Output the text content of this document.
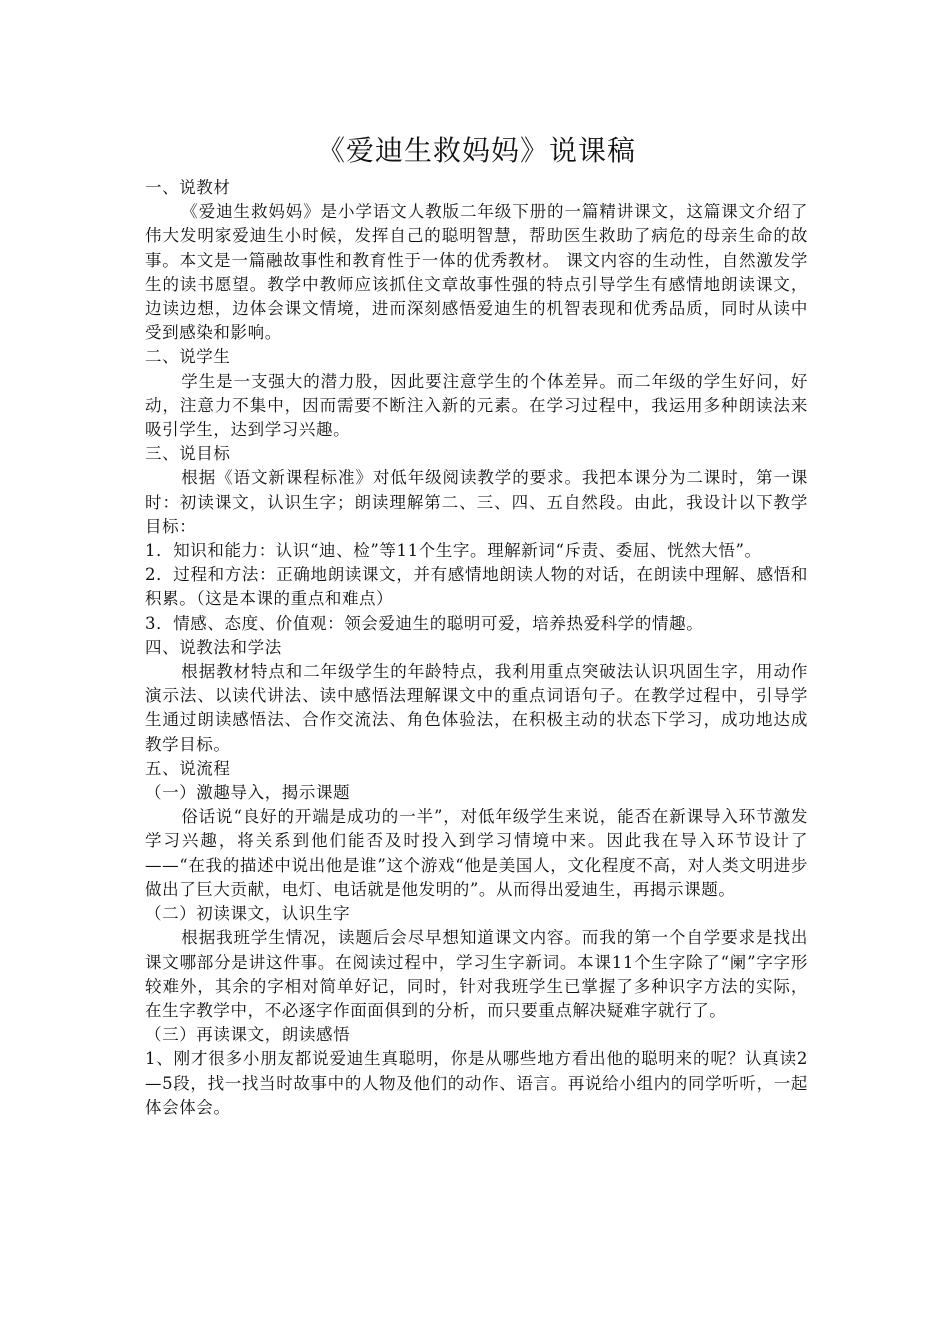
《爱迪生救妈妈》说课稿

一、说教材

《爱迪生救妈妈》是小学语文人教版二年级下册的一篇精讲课文，这篇课文介绍了伟大发明家爱迪生小时候，发挥自己的聪明智慧，帮助医生救助了病危的母亲生命的故事。本文是一篇融故事性和教育性于一体的优秀教材。 课文内容的生动性，自然激发学生的读书愿望。教学中教师应该抓住文章故事性强的特点引导学生有感情地朗读课文，边读边想，边体会课文情境，进而深刻感悟爱迪生的机智表现和优秀品质，同时从读中受到感染和影响。

二、说学生

学生是一支强大的潜力股，因此要注意学生的个体差异。而二年级的学生好问，好动，注意力不集中，因而需要不断注入新的元素。在学习过程中，我运用多种朗读法来吸引学生，达到学习兴趣。

三、说目标

根据《语文新课程标准》对低年级阅读教学的要求。我把本课分为二课时，第一课时：初读课文，认识生字；朗读理解第二、三、四、五自然段。由此，我设计以下教学目标：

1．知识和能力：认识“迪、检”等11个生字。理解新词“斥责、委屈、恍然大悟”。

2．过程和方法：正确地朗读课文，并有感情地朗读人物的对话，在朗读中理解、感悟和积累。（这是本课的重点和难点）

3．情感、态度、价值观：领会爱迪生的聪明可爱，培养热爱科学的情趣。

四、说教法和学法

根据教材特点和二年级学生的年龄特点，我利用重点突破法认识巩固生字，用动作演示法、以读代讲法、读中感悟法理解课文中的重点词语句子。在教学过程中，引导学生通过朗读感悟法、合作交流法、角色体验法，在积极主动的状态下学习，成功地达成教学目标。

五、说流程

（一）激趣导入，揭示课题

俗话说“良好的开端是成功的一半”，对低年级学生来说，能否在新课导入环节激发学习兴趣，将关系到他们能否及时投入到学习情境中来。因此我在导入环节设计了——“在我的描述中说出他是谁”这个游戏“他是美国人，文化程度不高，对人类文明进步做出了巨大贡献，电灯、电话就是他发明的”。从而得出爱迪生，再揭示课题。

（二）初读课文，认识生字

根据我班学生情况，读题后会尽早想知道课文内容。而我的第一个自学要求是找出课文哪部分是讲这件事。在阅读过程中，学习生字新词。本课11个生字除了“阑”字字形较难外，其余的字相对简单好记，同时，针对我班学生已掌握了多种识字方法的实际，在生字教学中，不必逐字作面面俱到的分析，而只要重点解决疑难字就行了。

（三）再读课文，朗读感悟

1、刚才很多小朋友都说爱迪生真聪明，你是从哪些地方看出他的聪明来的呢？认真读2—5段，找一找当时故事中的人物及他们的动作、语言。再说给小组内的同学听听，一起体会体会。
